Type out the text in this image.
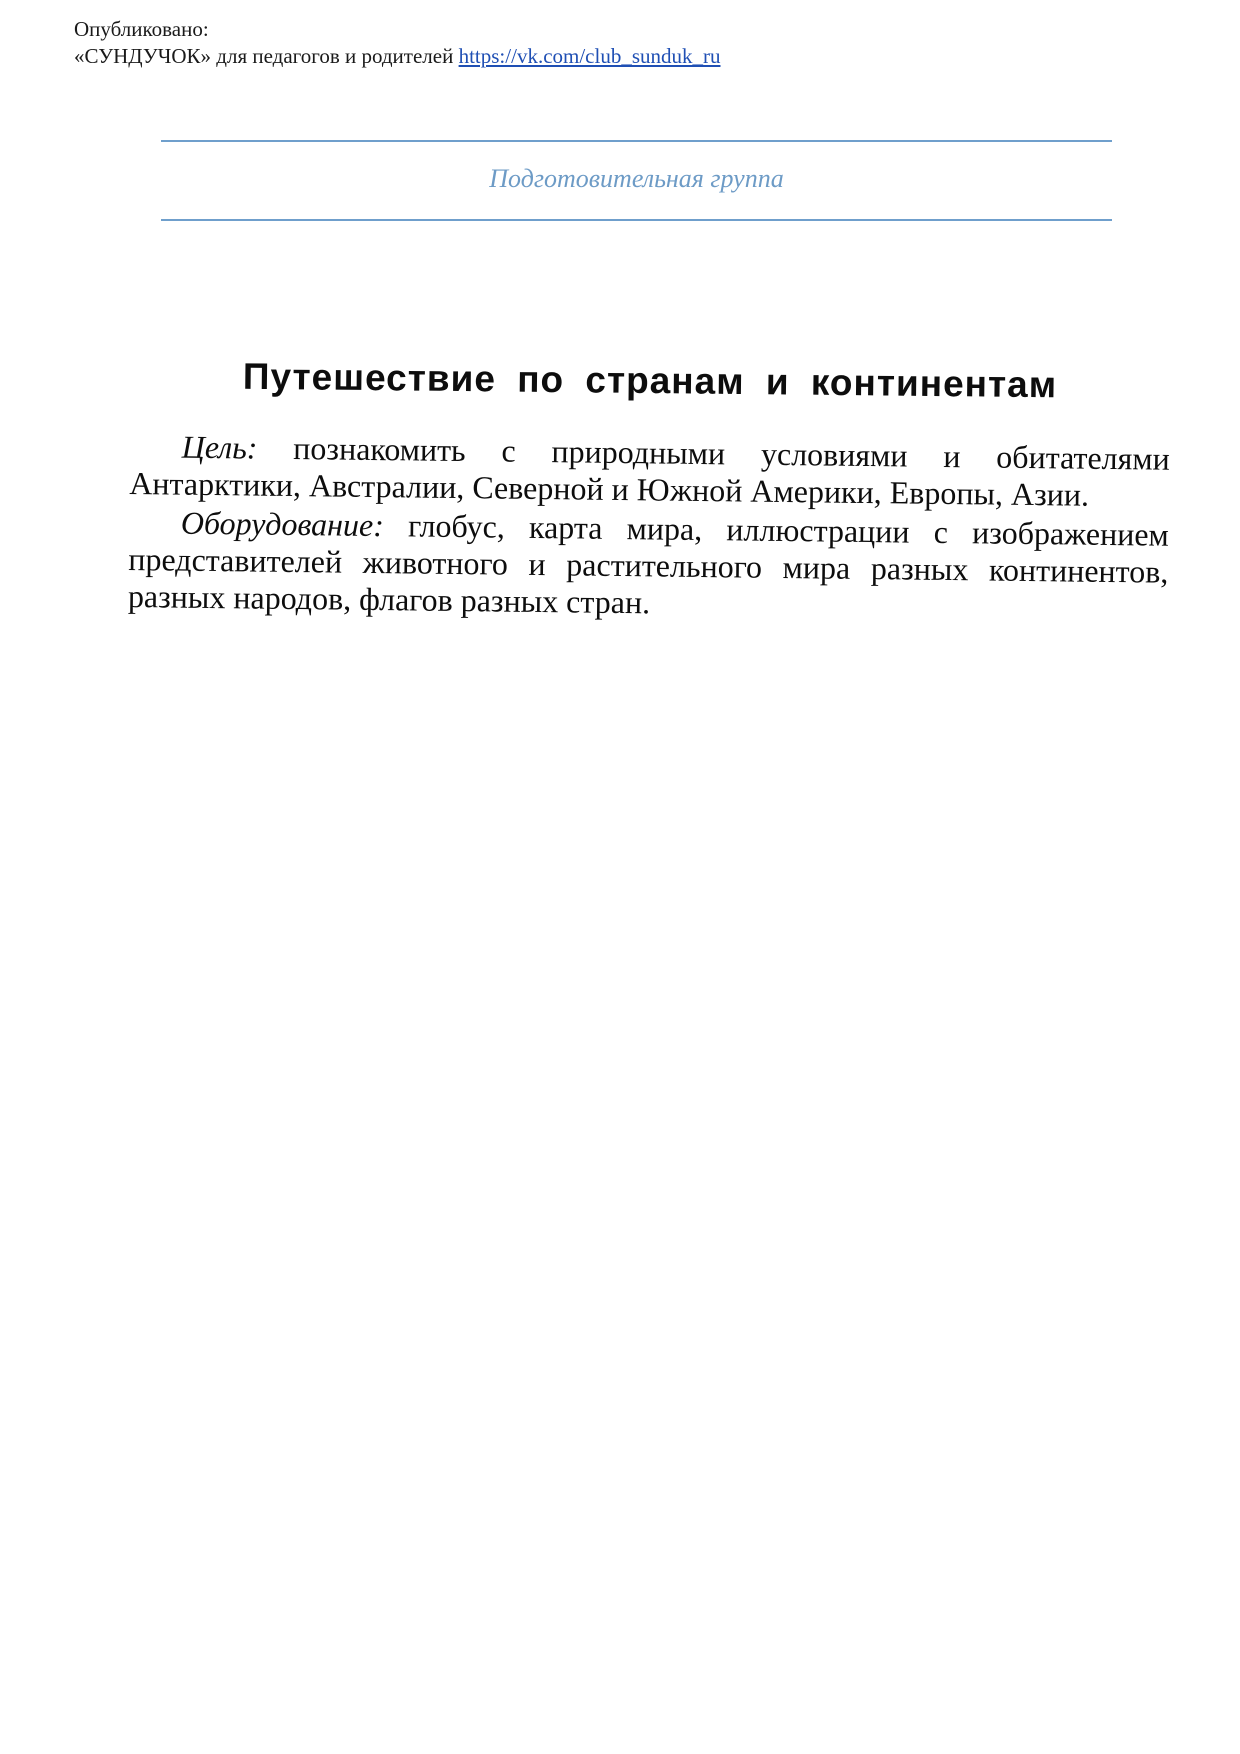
Опубликовано:
«СУНДУЧОК» для педагогов и родителей https://vk.com/club_sunduk_ru
Подготовительная группа
Путешествие по странам и континентам

Цель: познакомить с природными условиями и обитателями Антарктики, Австралии, Северной и Южной Америки, Европы, Азии.

Оборудование: глобус, карта мира, иллюстрации с изображением представителей животного и растительного мира разных континентов, разных народов, флагов разных стран.
